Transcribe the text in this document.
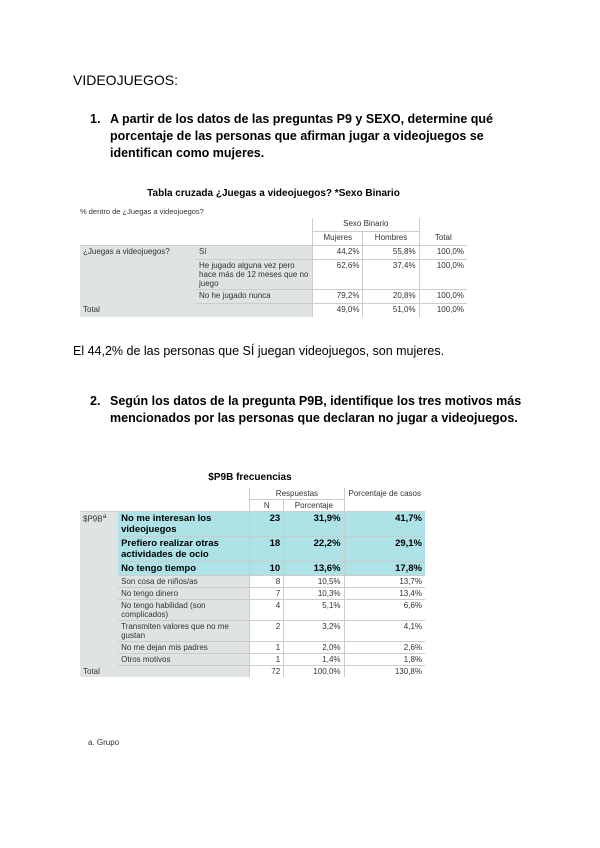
VIDEOJUEGOS:
1. A partir de los datos de las preguntas P9 y SEXO, determine qué porcentaje de las personas que afirman jugar a videojuegos se identifican como mujeres.
Tabla cruzada ¿Juegas a videojuegos? *Sexo Binario
% dentro de ¿Juegas a videojuegos?
		Sexo Binario		
		Mujeres	Hombres	Total
¿Juegas a videojuegos?	Sí	44,2%	55,8%	100,0%
	He jugado alguna vez pero hace más de 12 meses que no juego	62,6%	37,4%	100,0%
	No he jugado nunca	79,2%	20,8%	100,0%
Total		49,0%	51,0%	100,0%
El 44,2% de las personas que SÍ juegan videojuegos, son mujeres.
2. Según los datos de la pregunta P9B, identifique los tres motivos más mencionados por las personas que declaran no jugar a videojuegos.
$P9B frecuencias
		Respuestas		Porcentaje de casos
		N	Porcentaje	
$\$P9B^a$	No me interesan los videojuegos	23	31,9%	41,7%
	Prefiero realizar otras actividades de ocio	18	22,2%	29,1%
	No tengo tiempo	10	13,6%	17,8%
	Son cosa de niños/as	8	10,5%	13,7%
	No tengo dinero	7	10,3%	13,4%
	No tengo habilidad (son complicados)	4	5,1%	6,6%
	Transmiten valores que no me gustan	2	3,2%	4,1%
	No me dejan mis padres	1	2,0%	2,6%
	Otros motivos	1	1,4%	1,8%
Total		72	100,0%	130,8%
a. Grupo
